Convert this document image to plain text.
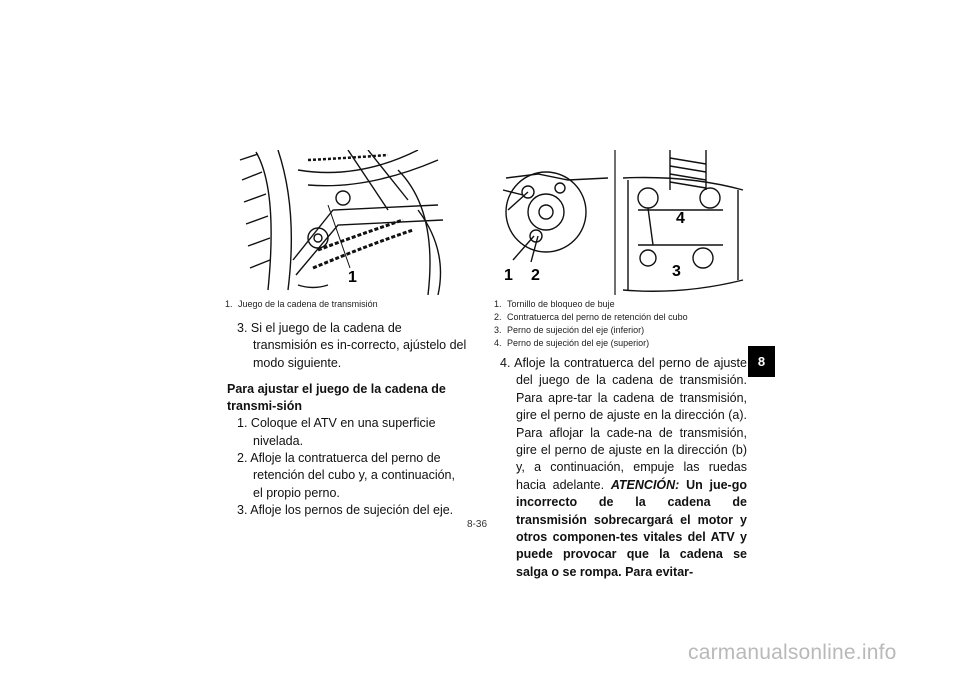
1	1 2	3
4
1. Juego de la cadena de transmisión

3. Si el juego de la cadena de transmisión es in-correcto, ajústelo del modo siguiente.

Para ajustar el juego de la cadena de transmi-sión

1. Coloque el ATV en una superficie nivelada.

2. Afloje la contratuerca del perno de retención del cubo y, a continuación, el propio perno.

3. Afloje los pernos de sujeción del eje.

1. Tornillo de bloqueo de buje
2. Contratuerca del perno de retención del cubo
3. Perno de sujeción del eje (inferior)
4. Perno de sujeción del eje (superior)

4. Afloje la contratuerca del perno de ajuste del juego de la cadena de transmisión. Para apre-tar la cadena de transmisión, gire el perno de ajuste en la dirección (a). Para aflojar la cade-na de transmisión, gire el perno de ajuste en la dirección (b) y, a continuación, empuje las ruedas hacia adelante. ATENCIÓN: Un jue-go incorrecto de la cadena de transmisión sobrecargará el motor y otros componen-tes vitales del ATV y puede provocar que la cadena se salga o se rompa. Para evitar-

8
8-36
carmanualsonline.info
